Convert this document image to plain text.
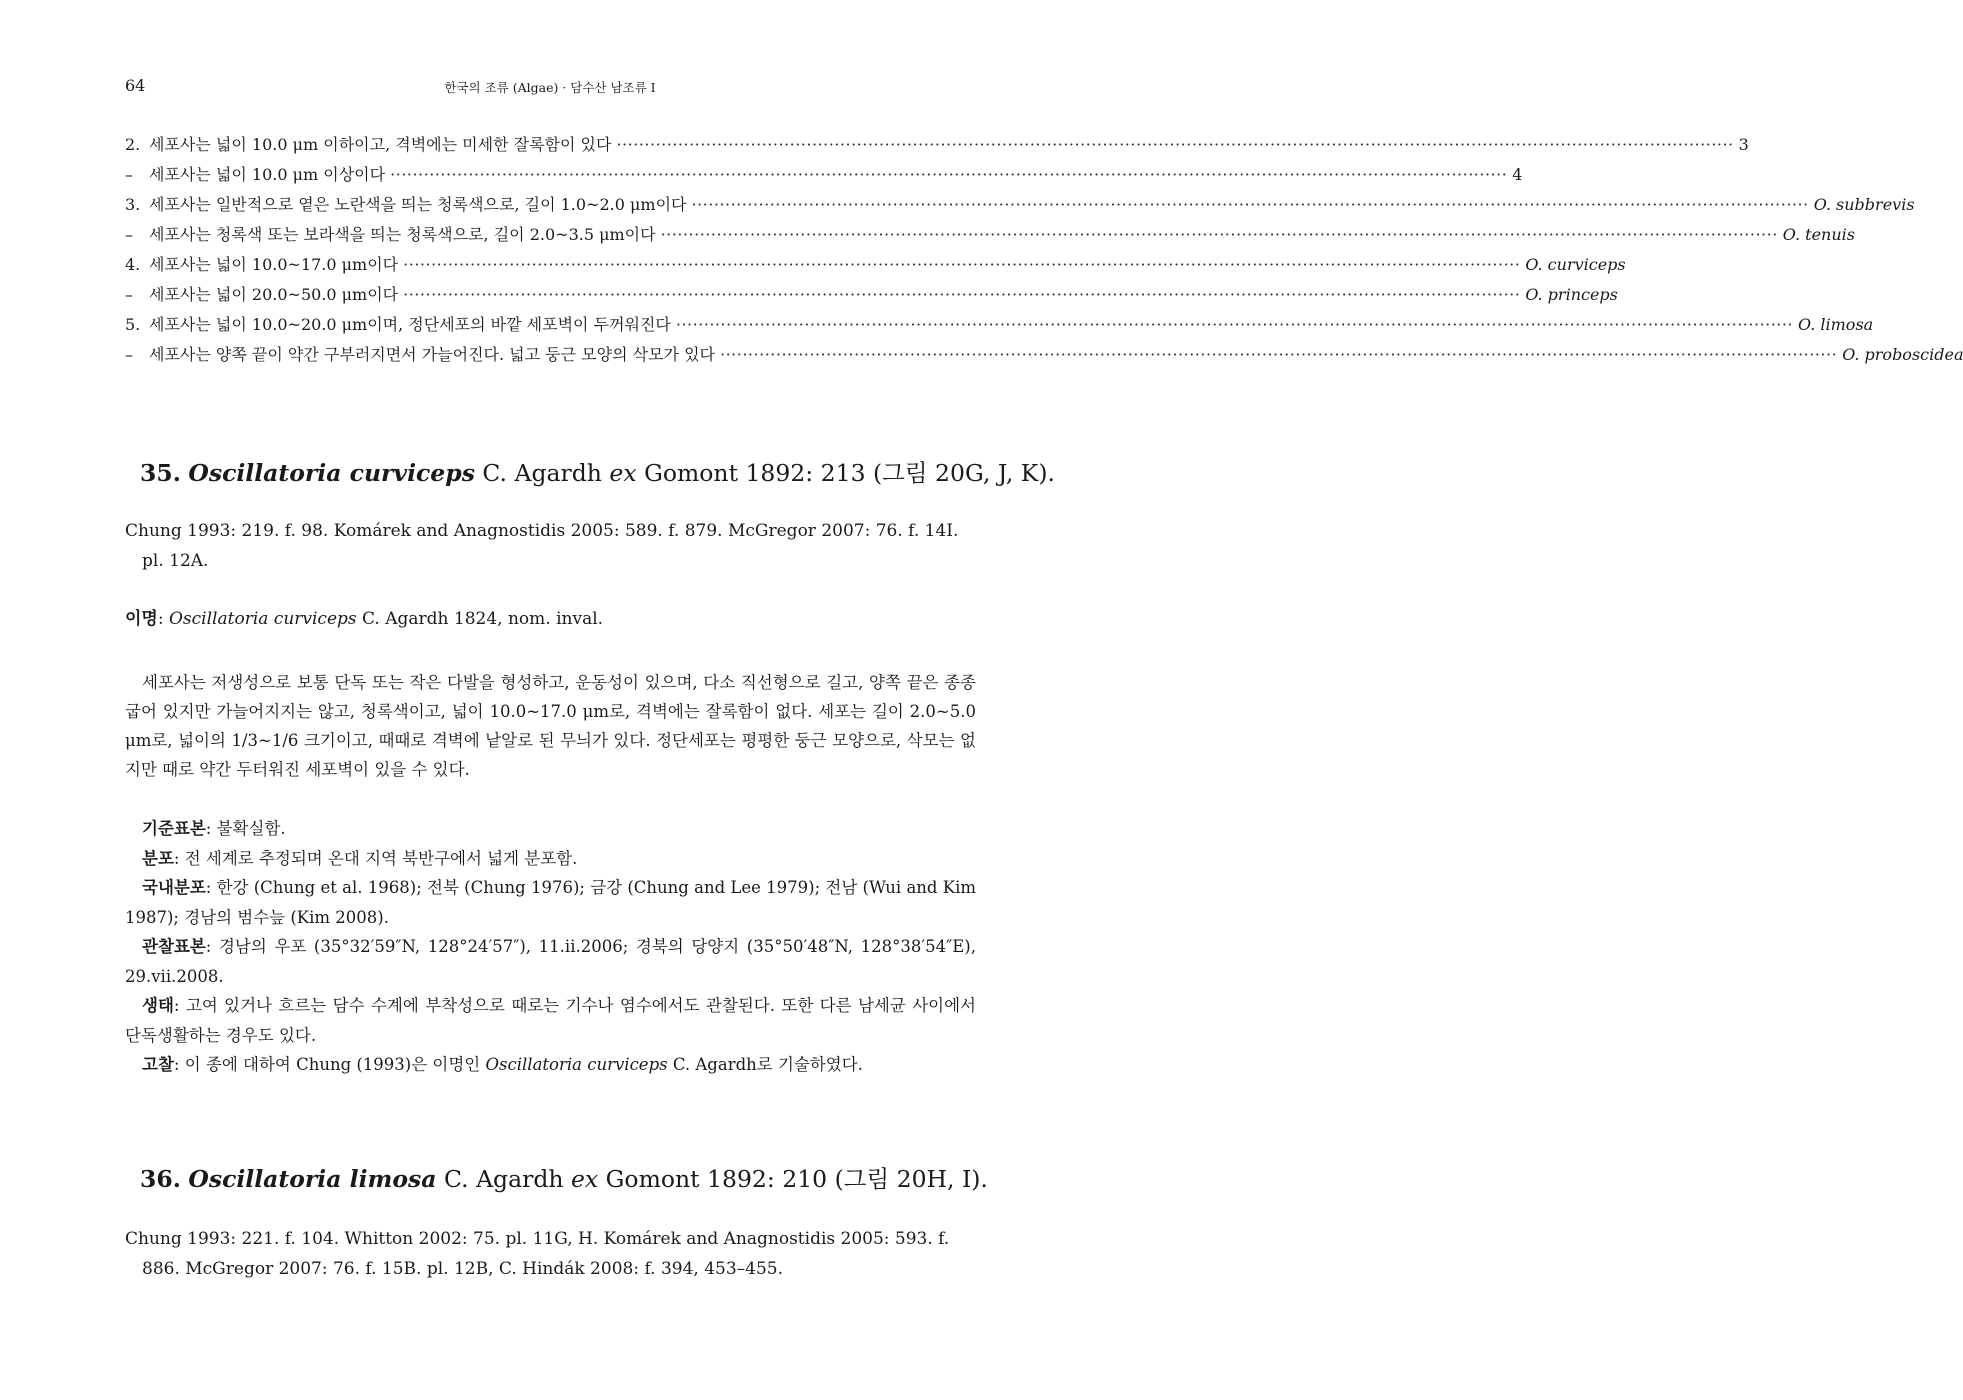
64	한국의 조류 (Algae) · 담수산 남조류 I
2. 세포사는 넓이 10.0 μm 이하이고, 격벽에는 미세한 잘록함이 있다 ········································································································································································································ 3
–	세포사는 넓이 10.0 μm 이상이다 ········································································································································································································ 4
3. 세포사는 일반적으로 옅은 노란색을 띄는 청록색으로, 길이 1.0~2.0 μm이다 ········································································································································································································ O. subbrevis
–	세포사는 청록색 또는 보라색을 띄는 청록색으로, 길이 2.0~3.5 μm이다 ········································································································································································································ O. tenuis
4. 세포사는 넓이 10.0~17.0 μm이다 ········································································································································································································ O. curviceps
–	세포사는 넓이 20.0~50.0 μm이다 ········································································································································································································ O. princeps
5. 세포사는 넓이 10.0~20.0 μm이며, 정단세포의 바깥 세포벽이 두꺼워진다 ········································································································································································································ O. limosa
–	세포사는 양쪽 끝이 약간 구부러지면서 가늘어진다. 넓고 둥근 모양의 삭모가 있다 ········································································································································································································ O. proboscidea
35. Oscillatoria curviceps C. Agardh ex Gomont 1892: 213 (그림 20G, J, K).
Chung 1993: 219. f. 98. Komárek and Anagnostidis 2005: 589. f. 879. McGregor 2007: 76. f. 14I. pl. 12A.
이명: Oscillatoria curviceps C. Agardh 1824, nom. inval.
세포사는 저생성으로 보통 단독 또는 작은 다발을 형성하고, 운동성이 있으며, 다소 직선형으로 길고, 양쪽 끝은 종종 굽어 있지만 가늘어지지는 않고, 청록색이고, 넓이 10.0~17.0 μm로, 격벽에는 잘록함이 없다. 세포는 길이 2.0~5.0 μm로, 넓이의 1/3~1/6 크기이고, 때때로 격벽에 낱알로 된 무늬가 있다. 정단세포는 평평한 둥근 모양으로, 삭모는 없지만 때로 약간 두터워진 세포벽이 있을 수 있다.
기준표본: 불확실함.
분포: 전 세계로 추정되며 온대 지역 북반구에서 넓게 분포함.
국내분포: 한강 (Chung et al. 1968); 전북 (Chung 1976); 금강 (Chung and Lee 1979); 전남 (Wui and Kim 1987); 경남의 범수늪 (Kim 2008).
관찰표본: 경남의 우포 (35°32′59″N, 128°24′57″), 11.ii.2006; 경북의 당양지 (35°50′48″N, 128°38′54″E), 29.vii.2008.
생태: 고여 있거나 흐르는 담수 수계에 부착성으로 때로는 기수나 염수에서도 관찰된다. 또한 다른 남세균 사이에서 단독생활하는 경우도 있다.
고찰: 이 종에 대하여 Chung (1993)은 이명인 Oscillatoria curviceps C. Agardh로 기술하였다.
36. Oscillatoria limosa C. Agardh ex Gomont 1892: 210 (그림 20H, I).
Chung 1993: 221. f. 104. Whitton 2002: 75. pl. 11G, H. Komárek and Anagnostidis 2005: 593. f. 886. McGregor 2007: 76. f. 15B. pl. 12B, C. Hindák 2008: f. 394, 453–455.
